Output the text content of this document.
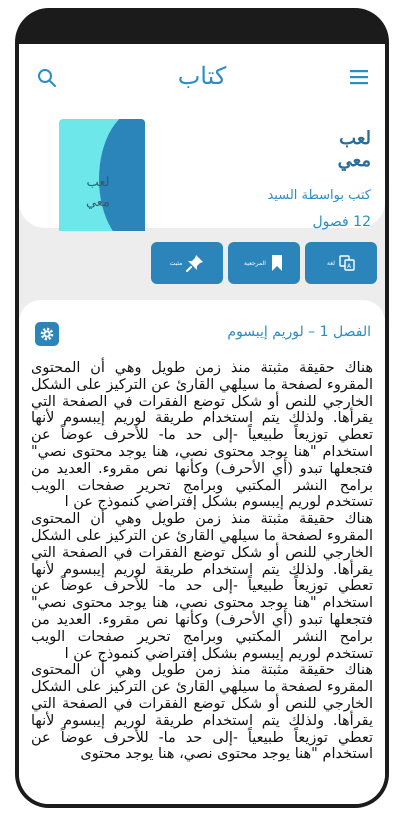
كتاب
لعب
معي
لعب
معي
كتب بواسطة السيد
12 فصول
لغة A
المرجعية
مثبت
الفصل 1 – لوريم إيبسوم

هناك حقيقة مثبتة منذ زمن طويل وهي أن المحتوى المقروء لصفحة ما سيلهي القارئ عن التركيز على الشكل الخارجي للنص أو شكل توضع الفقرات في الصفحة التي يقرأها. ولذلك يتم استخدام طريقة لوريم إيبسوم لأنها تعطي توزيعاً طبيعياً -إلى حد ما- للأحرف عوضاً عن استخدام "هنا يوجد محتوى نصي، هنا يوجد محتوى نصي" فتجعلها تبدو (أي الأحرف) وكأنها نص مقروء. العديد من برامح النشر المكتبي وبرامج تحرير صفحات الويب تستخدم لوريم إيبسوم بشكل إفتراضي كنموذج عن ا

هناك حقيقة مثبتة منذ زمن طويل وهي أن المحتوى المقروء لصفحة ما سيلهي القارئ عن التركيز على الشكل الخارجي للنص أو شكل توضع الفقرات في الصفحة التي يقرأها. ولذلك يتم استخدام طريقة لوريم إيبسوم لأنها تعطي توزيعاً طبيعياً -إلى حد ما- للأحرف عوضاً عن استخدام "هنا يوجد محتوى نصي، هنا يوجد محتوى نصي" فتجعلها تبدو (أي الأحرف) وكأنها نص مقروء. العديد من برامح النشر المكتبي وبرامج تحرير صفحات الويب تستخدم لوريم إيبسوم بشكل إفتراضي كنموذج عن ا

هناك حقيقة مثبتة منذ زمن طويل وهي أن المحتوى المقروء لصفحة ما سيلهي القارئ عن التركيز على الشكل الخارجي للنص أو شكل توضع الفقرات في الصفحة التي يقرأها. ولذلك يتم استخدام طريقة لوريم إيبسوم لأنها تعطي توزيعاً طبيعياً -إلى حد ما- للأحرف عوضاً عن استخدام "هنا يوجد محتوى نصي، هنا يوجد محتوى
